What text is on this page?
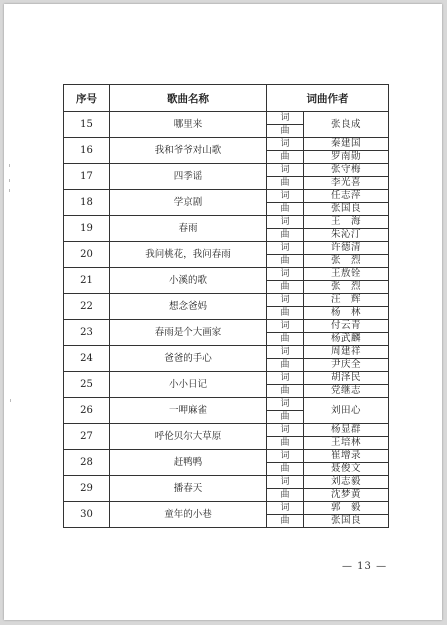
序号	歌曲名称	词曲作者	
15	哪里来	词	张良成
		曲	
16	我和爷爷对山歌	词	秦建国
		曲	罗南勋
17	四季谣	词	张守梅
		曲	李光喜
18	学京剧	词	任志萍
		曲	张国良
19	春雨	词	王　海
		曲	朱沁汀
20	我问桃花，我问春雨	词	许德清
		曲	张　烈
21	小溪的歌	词	王敖铨
		曲	张　烈
22	想念爸妈	词	汪　辉
		曲	杨　林
23	春雨是个大画家	词	付云青
		曲	杨武麟
24	爸爸的手心	词	周建祥
		曲	尹庆全
25	小小日记	词	胡泽民
		曲	党继志
26	一呷麻雀	词	刘田心
		曲	
27	呼伦贝尔大草原	词	杨显群
		曲	王培林
28	赶鸭鸭	词	崔增录
		曲	聂俊文
29	播春天	词	刘志毅
		曲	沈梦黄
30	童年的小巷	词	郭　毅
		曲	张国良
— 13 —
